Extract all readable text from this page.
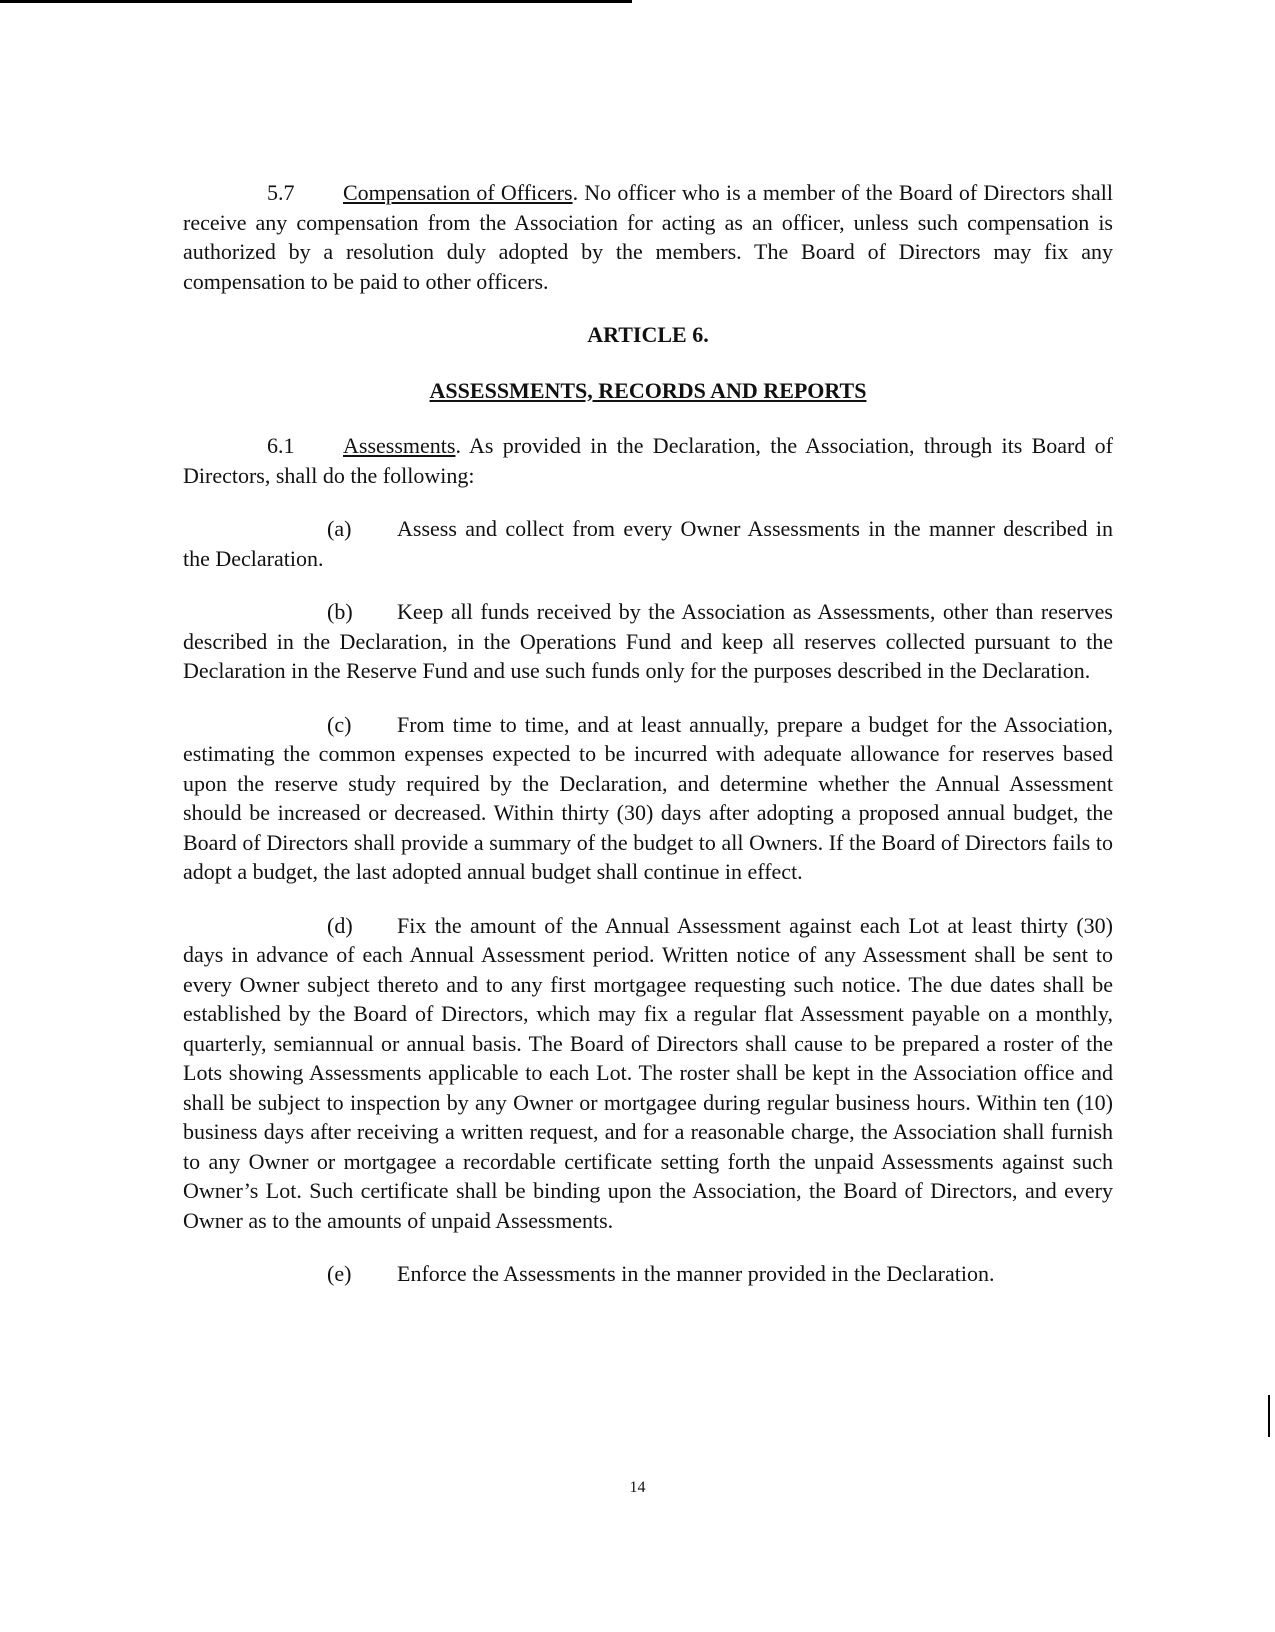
5.7 Compensation of Officers. No officer who is a member of the Board of Directors shall receive any compensation from the Association for acting as an officer, unless such compensation is authorized by a resolution duly adopted by the members. The Board of Directors may fix any compensation to be paid to other officers.

ARTICLE 6.
ASSESSMENTS, RECORDS AND REPORTS

6.1 Assessments. As provided in the Declaration, the Association, through its Board of Directors, shall do the following:

(a) Assess and collect from every Owner Assessments in the manner described in the Declaration.

(b) Keep all funds received by the Association as Assessments, other than reserves described in the Declaration, in the Operations Fund and keep all reserves collected pursuant to the Declaration in the Reserve Fund and use such funds only for the purposes described in the Declaration.

(c) From time to time, and at least annually, prepare a budget for the Association, estimating the common expenses expected to be incurred with adequate allowance for reserves based upon the reserve study required by the Declaration, and determine whether the Annual Assessment should be increased or decreased. Within thirty (30) days after adopting a proposed annual budget, the Board of Directors shall provide a summary of the budget to all Owners. If the Board of Directors fails to adopt a budget, the last adopted annual budget shall continue in effect.

(d) Fix the amount of the Annual Assessment against each Lot at least thirty (30) days in advance of each Annual Assessment period. Written notice of any Assessment shall be sent to every Owner subject thereto and to any first mortgagee requesting such notice. The due dates shall be established by the Board of Directors, which may fix a regular flat Assessment payable on a monthly, quarterly, semiannual or annual basis. The Board of Directors shall cause to be prepared a roster of the Lots showing Assessments applicable to each Lot. The roster shall be kept in the Association office and shall be subject to inspection by any Owner or mortgagee during regular business hours. Within ten (10) business days after receiving a written request, and for a reasonable charge, the Association shall furnish to any Owner or mortgagee a recordable certificate setting forth the unpaid Assessments against such Owner’s Lot. Such certificate shall be binding upon the Association, the Board of Directors, and every Owner as to the amounts of unpaid Assessments.

(e) Enforce the Assessments in the manner provided in the Declaration.

14
